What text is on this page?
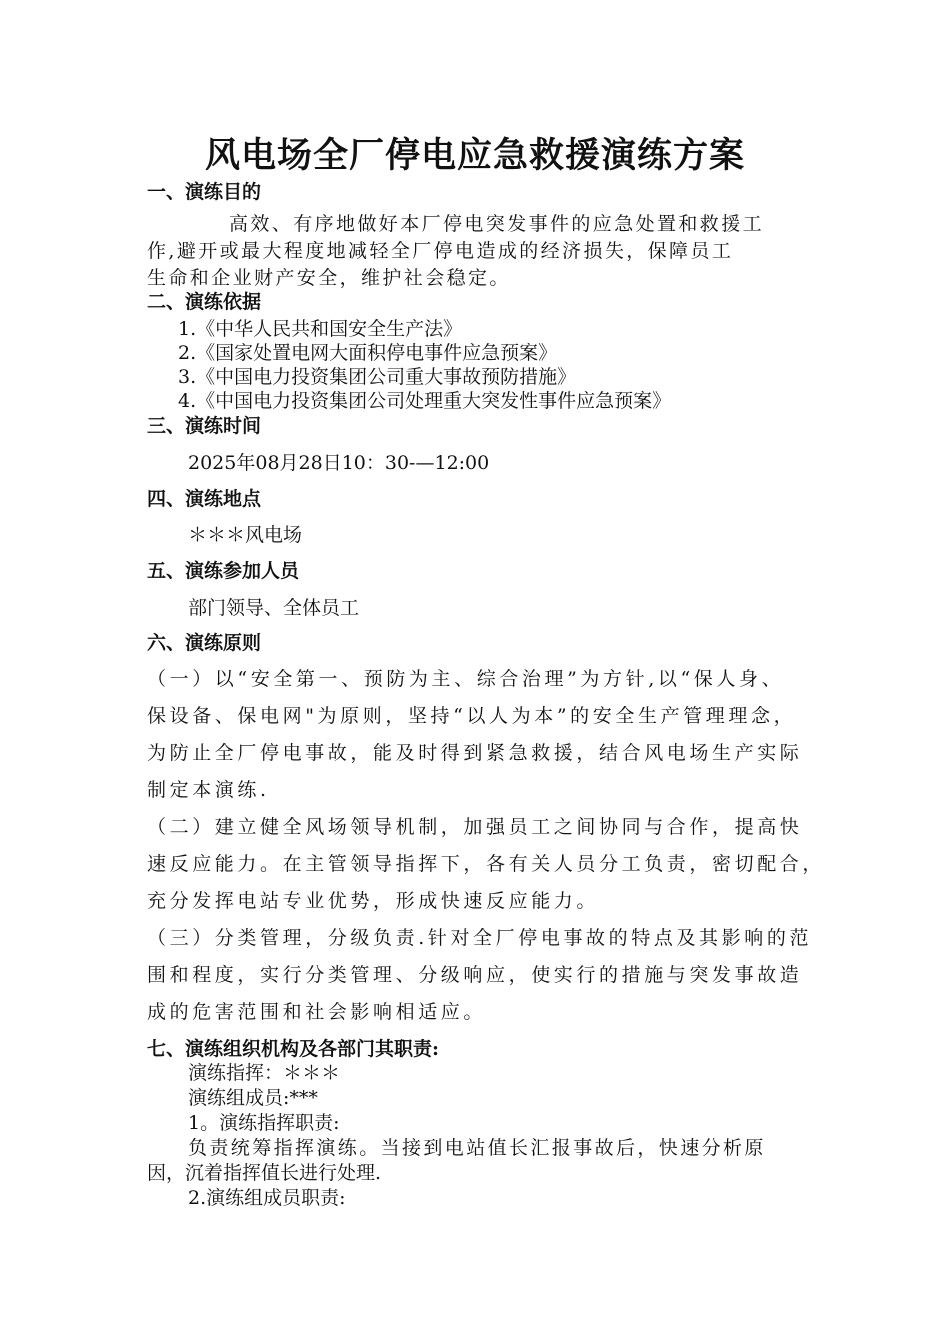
风电场全厂停电应急救援演练方案
一、演练目的
高效、有序地做好本厂停电突发事件的应急处置和救援工
作,避开或最大程度地减轻全厂停电造成的经济损失，保障员工
生命和企业财产安全，维护社会稳定。
二、演练依据
1.《中华人民共和国安全生产法》
2.《国家处置电网大面积停电事件应急预案》
3.《中国电力投资集团公司重大事故预防措施》
4.《中国电力投资集团公司处理重大突发性事件应急预案》
三、演练时间
2025年08月28日10：30-—12:00
四、演练地点
＊＊＊风电场
五、演练参加人员
部门领导、全体员工
六、演练原则
（一）以“安全第一、预防为主、综合治理”为方针,以“保人身、
保设备、保电网"为原则，坚持“以人为本”的安全生产管理理念，
为防止全厂停电事故，能及时得到紧急救援，结合风电场生产实际
制定本演练.
（二）建立健全风场领导机制，加强员工之间协同与合作，提高快
速反应能力。在主管领导指挥下，各有关人员分工负责，密切配合，
充分发挥电站专业优势，形成快速反应能力。
（三）分类管理，分级负责.针对全厂停电事故的特点及其影响的范
围和程度，实行分类管理、分级响应，使实行的措施与突发事故造
成的危害范围和社会影响相适应。
七、演练组织机构及各部门其职责:
演练指挥：＊＊＊
演练组成员:***
1。演练指挥职责:
负责统筹指挥演练。当接到电站值长汇报事故后，快速分析原
因，沉着指挥值长进行处理.
2.演练组成员职责:
